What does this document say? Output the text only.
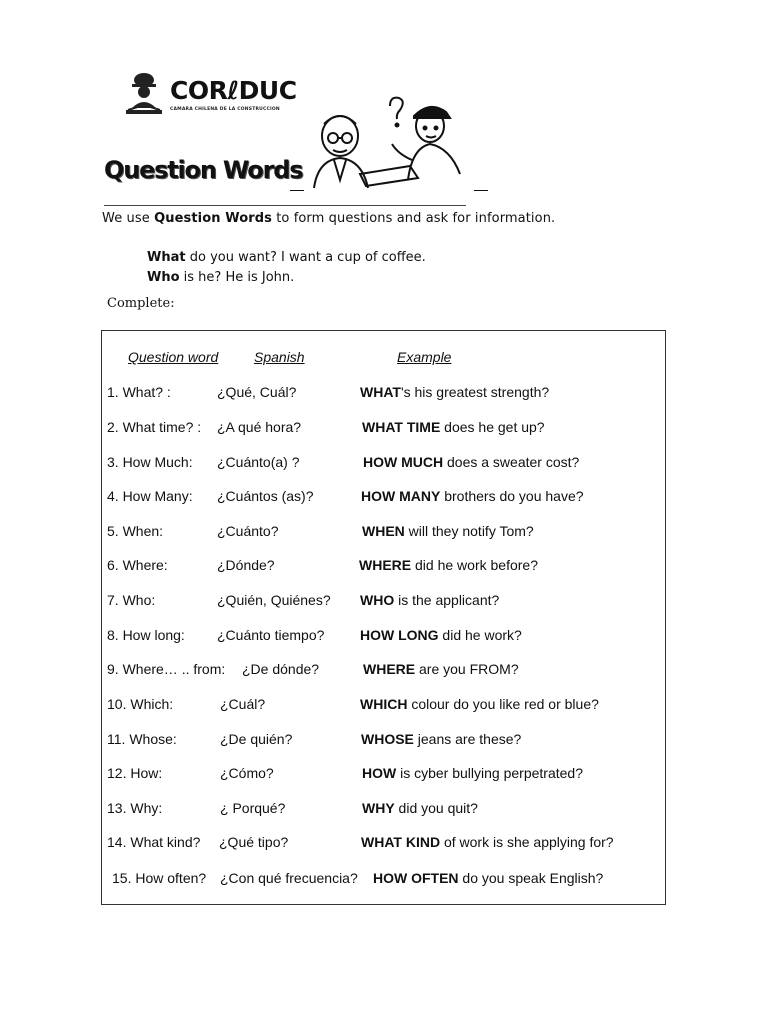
CORℓDUC
CAMARA CHILENA DE LA CONSTRUCCION
Question Words
We use Question Words to form questions and ask for information.
What do you want? I want a cup of coffee.
Who is he? He is John.
Complete:
Question word	Spanish	Example
1. What? :	¿Qué, Cuál?	WHAT's his greatest strength?
2. What time? : ¿A qué hora?	WHAT TIME does he get up?
3. How Much: ¿Cuánto(a) ?	HOW MUCH does a sweater cost?
4. How Many: ¿Cuántos (as)?	HOW MANY brothers do you have?
5. When:	¿Cuánto?	WHEN will they notify Tom?
6. Where:	¿Dónde?	WHERE did he work before?
7. Who:	¿Quién, Quiénes? WHO is the applicant?
8. How long: ¿Cuánto tiempo?	HOW LONG did he work?
9. Where… .. from: ¿De dónde?	WHERE are you FROM?
10. Which:	¿Cuál?	WHICH colour do you like red or blue?
11. Whose:	¿De quién?	WHOSE jeans are these?
12. How:	¿Cómo?	HOW is cyber bullying perpetrated?
13. Why:	¿ Porqué?	WHY did you quit?
14. What kind? ¿Qué tipo?	WHAT KIND of work is she applying for?
15. How often? ¿Con qué frecuencia? HOW OFTEN do you speak English?
